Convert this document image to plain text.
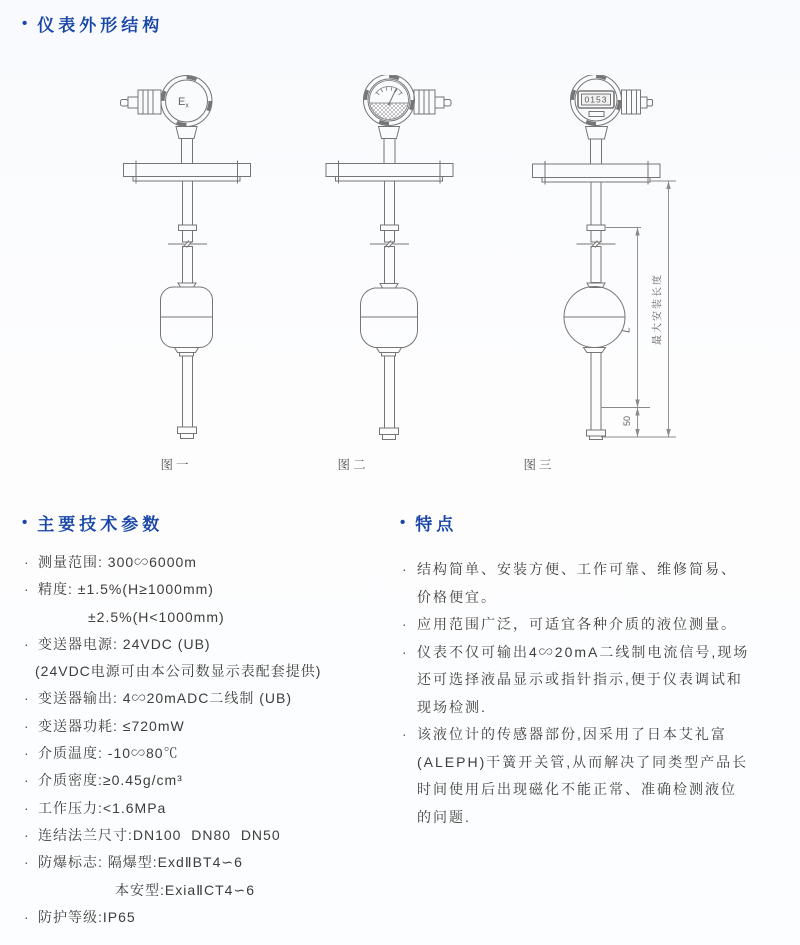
• 仪表外形结构
$E_x$
0153
L
50
最大安装长度
图一	图二	图三
• 主要技术参数
· 测量范围: 300∽6000m
· 精度: ±1.5%(H≥1000mm)
±2.5%(H<1000mm)
· 变送器电源: 24VDC (UB)
(24VDC电源可由本公司数显示表配套提供)
· 变送器输出: 4∽20mADC二线制 (UB)
· 变送器功耗: ≤720mW
· 介质温度: -10∽80℃
· 介质密度:≥0.45g/cm³
· 工作压力:<1.6MPa
· 连结法兰尺寸:DN100  DN80  DN50
· 防爆标志: 隔爆型:ExdⅡBT4∽6
本安型:ExiaⅡCT4∽6
· 防护等级:IP65
• 特点
· 结构简单、安装方便、工作可靠、维修简易、
价格便宜。
· 应用范围广泛，可适宜各种介质的液位测量。
· 仪表不仅可输出4∽20mA二线制电流信号,现场
还可选择液晶显示或指针指示,便于仪表调试和
现场检测.
· 该液位计的传感器部份,因采用了日本艾礼富
(ALEPH)干簧开关管,从而解决了同类型产品长
时间使用后出现磁化不能正常、准确检测液位
的问题.
